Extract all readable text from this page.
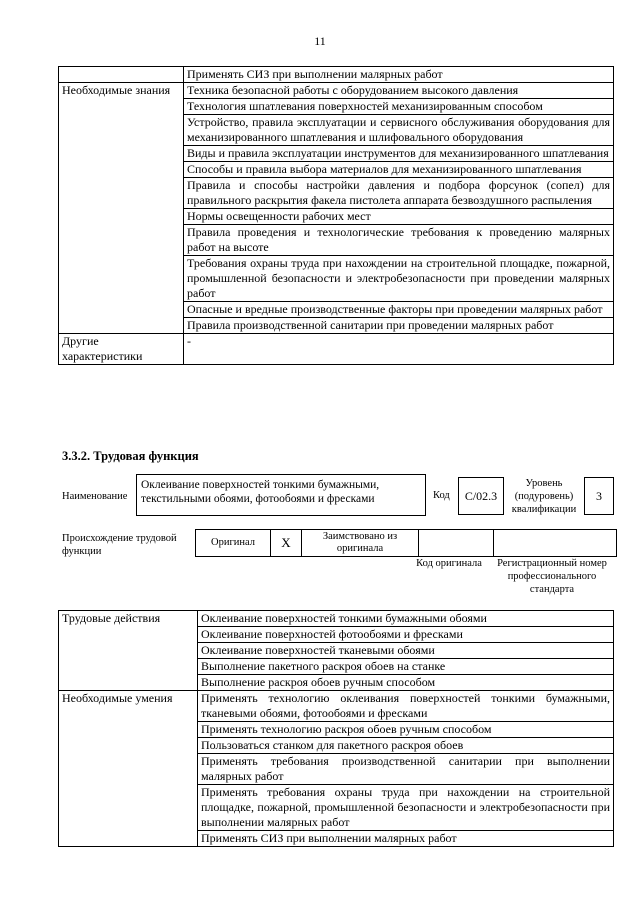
11
	Применять СИЗ при выполнении малярных работ
Необходимые знания	Техника безопасной работы с оборудованием высокого давления
	Технология шпатлевания поверхностей механизированным способом
	Устройство, правила эксплуатации и сервисного обслуживания оборудования для механизированного шпатлевания и шлифовального оборудования
	Виды и правила эксплуатации инструментов для механизированного шпатлевания
	Способы и правила выбора материалов для механизированного шпатлевания
	Правила и способы настройки давления и подбора форсунок (сопел) для правильного раскрытия факела пистолета аппарата безвоздушного распыления
	Нормы освещенности рабочих мест
	Правила проведения и технологические требования к проведению малярных работ на высоте
	Требования охраны труда при нахождении на строительной площадке, пожарной, промышленной безопасности и электробезопасности при проведении малярных работ
	Опасные и вредные производственные факторы при проведении малярных работ
	Правила производственной санитарии при проведении малярных работ
Другие характеристики	-
3.3.2. Трудовая функция
Наименование
Оклеивание поверхностей тонкими бумажными, текстильными обоями, фотообоями и фресками	Код	C/02.3
Уровень (подуровень) квалификации
3
Происхождение трудовой функции
Оригинал	X	Заимствовано из оригинала		
Код оригинала	Регистрационный номер профессионального стандарта
Трудовые действия	Оклеивание поверхностей тонкими бумажными обоями
	Оклеивание поверхностей фотообоями и фресками
	Оклеивание поверхностей тканевыми обоями
	Выполнение пакетного раскроя обоев на станке
	Выполнение раскроя обоев ручным способом
Необходимые умения	Применять технологию оклеивания поверхностей тонкими бумажными, тканевыми обоями, фотообоями и фресками
	Применять технологию раскроя обоев ручным способом
	Пользоваться станком для пакетного раскроя обоев
	Применять требования производственной санитарии при выполнении малярных работ
	Применять требования охраны труда при нахождении на строительной площадке, пожарной, промышленной безопасности и электробезопасности при выполнении малярных работ
	Применять СИЗ при выполнении малярных работ
